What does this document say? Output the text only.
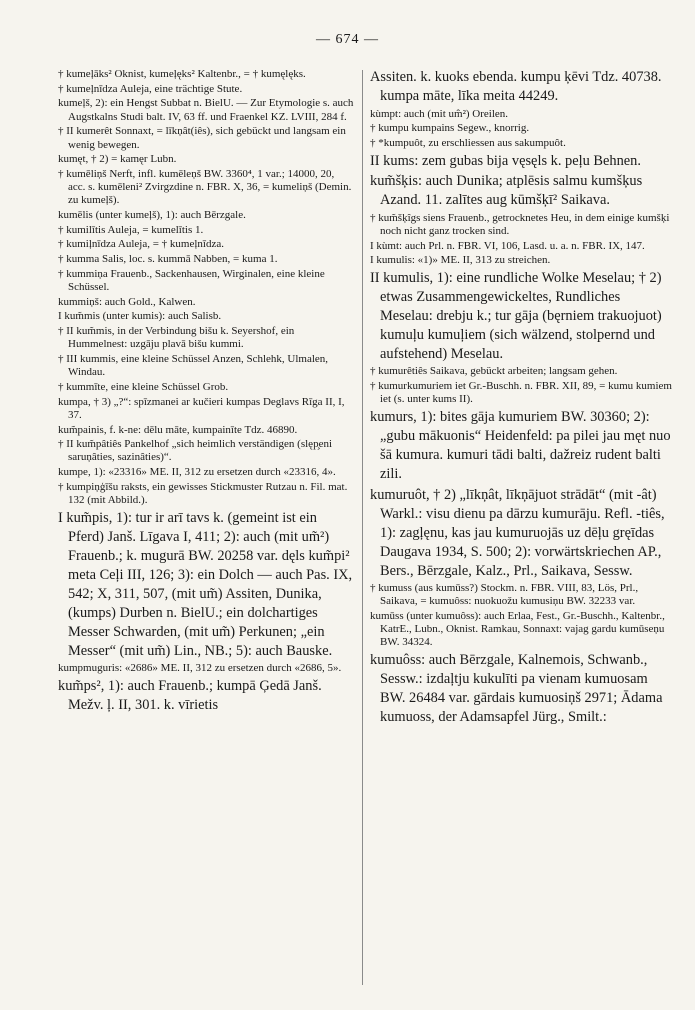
— 674 —

† kumeļāks² Oknist, kumeļęks² Kaltenbr., = † kumęlęks.

† kumeļnīdza Auleja, eine trächtige Stute.

kumeļš, 2): ein Hengst Subbat n. BielU. — Zur Etymologie s. auch Augstkalns Studi balt. IV, 63 ff. und Fraenkel KZ. LVIII, 284 f.

† II kumerêt Sonnaxt, = līkņât(iês), sich gebückt und langsam ein wenig bewegen.

kumęt, † 2) = kamęr Lubn.

† kumēliņš Nerft, infl. kumēleņš BW. 3360⁴, 1 var.; 14000, 20, acc. s. kumēleni² Zvirgzdine n. FBR. X, 36, = kumeliņš (Demin. zu kumeļš).

kumēlis (unter kumeļš), 1): auch Bērzgale.

† kumilītis Auleja, = kumelītis 1.

† kumiļnīdza Auleja, = † kumeļnīdza.

† kumma Salis, loc. s. kummā Nabben, = kuma 1.

† kummiņa Frauenb., Sackenhausen, Wirginalen, eine kleine Schüssel.

kummiņš: auch Gold., Kalwen.

I kum̃mis (unter kumis): auch Salisb.

† II kum̃mis, in der Verbindung bišu k. Seyershof, ein Hummelnest: uzgāju plavā bišu kummi.

† III kummis, eine kleine Schüssel Anzen, Schlehk, Ulmalen, Windau.

† kummīte, eine kleine Schüssel Grob.

kumpa, † 3) „?“: spīzmanei ar kučieri kumpas Deglavs Rīga II, I, 37.

kum̃painis, f. k-ne: dēlu māte, kumpainīte Tdz. 46890.

† II kum̃pâtiês Pankelhof „sich heimlich verständigen (slęp̧eni saruņâties, sazinâties)“.

kumpe, 1): «23316» ME. II, 312 zu ersetzen durch «23316, 4».

† kumpiņģīšu raksts, ein gewisses Stickmuster Rutzau n. Fil. mat. 132 (mit Abbild.).

I kum̃pis, 1): tur ir arī tavs k. (gemeint ist ein Pferd) Janš. Līgava I, 411; 2): auch (mit um̃²) Frauenb.; k. mugurā BW. 20258 var. dęls kum̃pi² meta Ceļi III, 126; 3): ein Dolch — auch Pas. IX, 542; X, 311, 507, (mit um̃) Assiten, Dunika, (kumps) Durben n. BielU.; ein dolchartiges Messer Schwarden, (mit um̃) Perkunen; „ein Messer“ (mit um̃) Lin., NB.; 5): auch Bauske.

kumpmuguris: «2686» ME. II, 312 zu ersetzen durch «2686, 5».

kum̃ps², 1): auch Frauenb.; kumpā Ģedā Janš. Mežv. ļ. II, 301. k. vīrietis

Assiten. k. kuoks ebenda. kumpu ķēvi Tdz. 40738. kumpa māte, līka meita 44249.

kùmpt: auch (mit um̂²) Oreilen.

† kumpu kumpains Segew., knorrig.

† *kumpuôt, zu erschliessen aus sakumpuôt.

II kums: zem gubas bija vęsęls k. peļu Behnen.

kum̃šķis: auch Dunika; atplēsis salmu kumšķus Azand. 11. zalītes aug kūmšķī² Saikava.

† kum̃šķîgs siens Frauenb., getrocknetes Heu, in dem einige kumšķi noch nicht ganz trocken sind.

I kùmt: auch Prl. n. FBR. VI, 106, Lasd. u. a. n. FBR. IX, 147.

I kumulis: «1)» ME. II, 313 zu streichen.

II kumulis, 1): eine rundliche Wolke Meselau; † 2) etwas Zusammengewickeltes, Rundliches Meselau: drebju k.; tur gāja (bęrniem trakuojuot) kumuļu kumuļiem (sich wälzend, stolpernd und aufstehend) Meselau.

† kumurêtiês Saikava, gebückt arbeiten; langsam gehen.

† kumurkumuriem iet Gr.-Buschh. n. FBR. XII, 89, = kumu kumiem iet (s. unter kums II).

kumurs, 1): bites gāja kumuriem BW. 30360; 2): „gubu mākuonis“ Heidenfeld: pa pilei jau męt nuo šā kumura. kumuri tādi balti, dažreiz rudent balti zili.

kumuruôt, † 2) „līkņât, līkņājuot strādāt“ (mit -ât) Warkl.: visu dienu pa dārzu kumurāju. Refl. -tiês, 1): zagļęnu, kas jau kumuruojās uz dēļu gręīdas Daugava 1934, S. 500; 2): vorwärtskriechen AP., Bers., Bērzgale, Kalz., Prl., Saikava, Sessw.

† kumuss (aus kumūss?) Stockm. n. FBR. VIII, 83, Lös, Prl., Saikava, = kumuôss: nuokuožu kumusiņu BW. 32233 var.

kumūss (unter kumuôss): auch Erlaa, Fest., Gr.-Buschh., Kaltenbr., KatrE., Lubn., Oknist. Ramkau, Sonnaxt: vajag gardu kumūseņu BW. 34324.

kumuôss: auch Bērzgale, Kalnemois, Schwanb., Sessw.: izdaļtju kukulīti pa vienam kumuosam BW. 26484 var. gārdais kumuosiņš 2971; Ādama kumuoss, der Adamsapfel Jürg., Smilt.:
